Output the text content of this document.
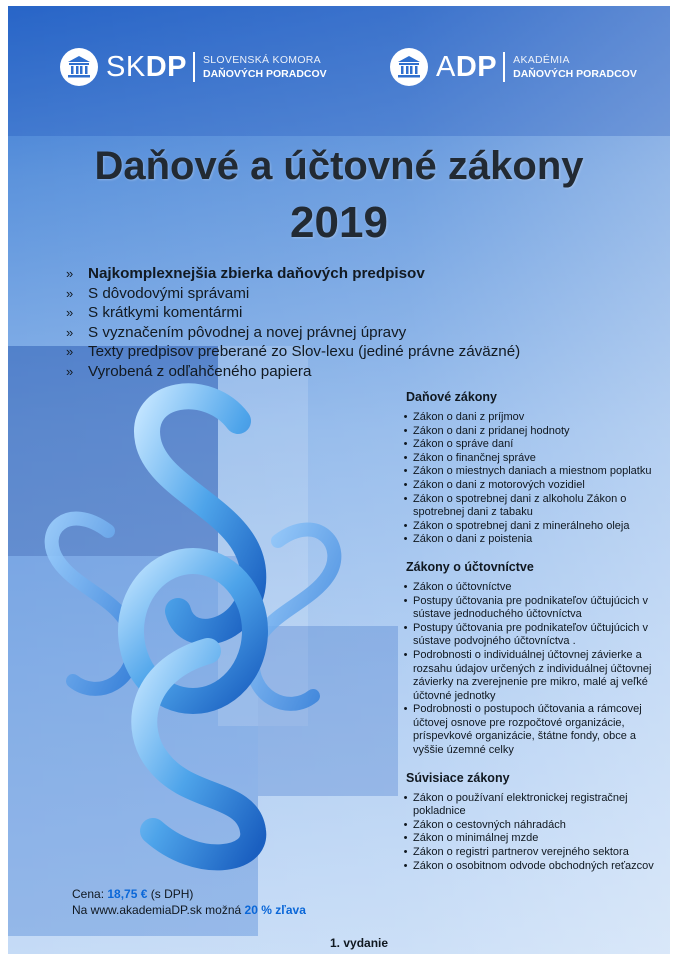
SKDP SLOVENSKÁ KOMORA
DAŇOVÝCH PORADCOV	ADP AKADÉMIA
DAŇOVÝCH PORADCOV
Daňové a účtovné zákony
2019
» Najkomplexnejšia zbierka daňových predpisov
» S dôvodovými správami
» S krátkymi komentármi
» S vyznačením pôvodnej a novej právnej úpravy
» Texty predpisov preberané zo Slov-lexu (jediné právne záväzné)
» Vyrobená z odľahčeného papiera
Daňové zákony
• Zákon o dani z príjmov
• Zákon o dani z pridanej hodnoty
• Zákon o správe daní
• Zákon o finančnej správe
• Zákon o miestnych daniach a miestnom poplatku
• Zákon o dani z motorových vozidiel
• Zákon o spotrebnej dani z alkoholu Zákon o spotrebnej dani z tabaku
• Zákon o spotrebnej dani z minerálneho oleja
• Zákon o dani z poistenia
Zákony o účtovníctve
• Zákon o účtovníctve
• Postupy účtovania pre podnikateľov účtujúcich v sústave jednoduchého účtovníctva
• Postupy účtovania pre podnikateľov účtujúcich v sústave podvojného účtovníctva .
• Podrobnosti o individuálnej účtovnej závierke a rozsahu údajov určených z individuálnej účtovnej závierky na zverejnenie pre mikro, malé aj veľké účtovné jednotky
• Podrobnosti o postupoch účtovania a rámcovej účtovej osnove pre rozpočtové organizácie, príspevkové organizácie, štátne fondy, obce a vyššie územné celky
Súvisiace zákony
• Zákon o používaní elektronickej registračnej pokladnice
• Zákon o cestovných náhradách
• Zákon o minimálnej mzde
• Zákon o registri partnerov verejného sektora
• Zákon o osobitnom odvode obchodných reťazcov
Cena: 18,75 € (s DPH)
Na www.akademiaDP.sk možná 20 % zľava
1. vydanie
